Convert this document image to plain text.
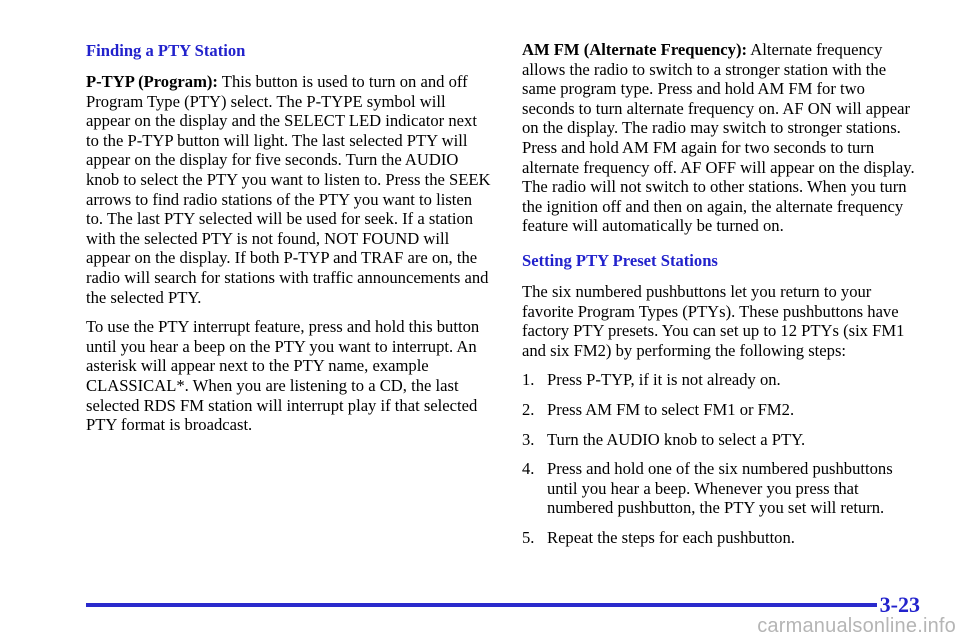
Finding a PTY Station

P-TYP (Program): This button is used to turn on and off Program Type (PTY) select. The P-TYPE symbol will appear on the display and the SELECT LED indicator next to the P-TYP button will light. The last selected PTY will appear on the display for five seconds. Turn the AUDIO knob to select the PTY you want to listen to. Press the SEEK arrows to find radio stations of the PTY you want to listen to. The last PTY selected will be used for seek. If a station with the selected PTY is not found, NOT FOUND will appear on the display. If both P-TYP and TRAF are on, the radio will search for stations with traffic announcements and the selected PTY.

To use the PTY interrupt feature, press and hold this button until you hear a beep on the PTY you want to interrupt. An asterisk will appear next to the PTY name, example CLASSICAL*. When you are listening to a CD, the last selected RDS FM station will interrupt play if that selected PTY format is broadcast.

AM FM (Alternate Frequency): Alternate frequency allows the radio to switch to a stronger station with the same program type. Press and hold AM FM for two seconds to turn alternate frequency on. AF ON will appear on the display. The radio may switch to stronger stations. Press and hold AM FM again for two seconds to turn alternate frequency off. AF OFF will appear on the display. The radio will not switch to other stations. When you turn the ignition off and then on again, the alternate frequency feature will automatically be turned on.

Setting PTY Preset Stations

The six numbered pushbuttons let you return to your favorite Program Types (PTYs). These pushbuttons have factory PTY presets. You can set up to 12 PTYs (six FM1 and six FM2) by performing the following steps:

1. Press P-TYP, if it is not already on.
2. Press AM FM to select FM1 or FM2.
3. Turn the AUDIO knob to select a PTY.
4. Press and hold one of the six numbered pushbuttons until you hear a beep. Whenever you press that numbered pushbutton, the PTY you set will return.
5. Repeat the steps for each pushbutton.
3-23
carmanualsonline.info
